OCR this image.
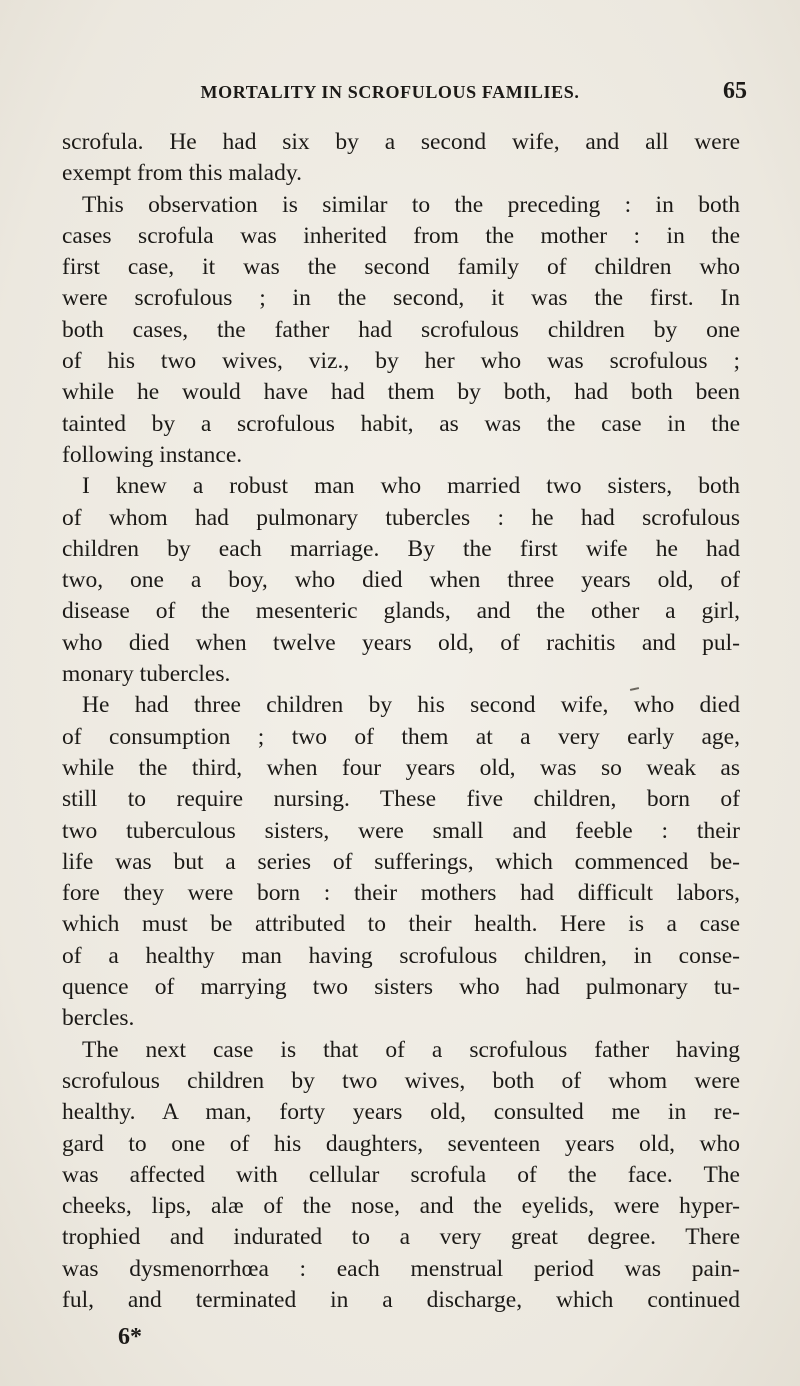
MORTALITY IN SCROFULOUS FAMILIES.	65
scrofula. He had six by a second wife, and all were
exempt from this malady.
This observation is similar to the preceding : in both
cases scrofula was inherited from the mother : in the
first case, it was the second family of children who
were scrofulous ; in the second, it was the first. In
both cases, the father had scrofulous children by one
of his two wives, viz., by her who was scrofulous ;
while he would have had them by both, had both been
tainted by a scrofulous habit, as was the case in the
following instance.
I knew a robust man who married two sisters, both
of whom had pulmonary tubercles : he had scrofulous
children by each marriage. By the first wife he had
two, one a boy, who died when three years old, of
disease of the mesenteric glands, and the other a girl,
who died when twelve years old, of rachitis and pul-
monary tubercles.
He had three children by his second wife, who died
of consumption ; two of them at a very early age,
while the third, when four years old, was so weak as
still to require nursing. These five children, born of
two tuberculous sisters, were small and feeble : their
life was but a series of sufferings, which commenced be-
fore they were born : their mothers had difficult labors,
which must be attributed to their health. Here is a case
of a healthy man having scrofulous children, in conse-
quence of marrying two sisters who had pulmonary tu-
bercles.
The next case is that of a scrofulous father having
scrofulous children by two wives, both of whom were
healthy. A man, forty years old, consulted me in re-
gard to one of his daughters, seventeen years old, who
was affected with cellular scrofula of the face. The
cheeks, lips, alæ of the nose, and the eyelids, were hyper-
trophied and indurated to a very great degree. There
was dysmenorrhœa : each menstrual period was pain-
ful, and terminated in a discharge, which continued
6*
